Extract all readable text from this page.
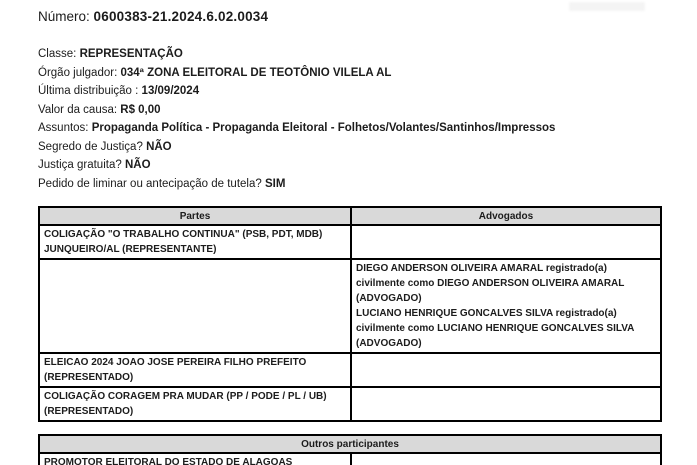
Número: 0600383-21.2024.6.02.0034
Classe: REPRESENTAÇÃO
Órgão julgador: 034ª ZONA ELEITORAL DE TEOTÔNIO VILELA AL
Última distribuição : 13/09/2024
Valor da causa: R$ 0,00
Assuntos: Propaganda Política - Propaganda Eleitoral - Folhetos/Volantes/Santinhos/Impressos
Segredo de Justiça? NÃO
Justiça gratuita? NÃO
Pedido de liminar ou antecipação de tutela? SIM
Partes	Advogados
COLIGAÇÃO "O TRABALHO CONTINUA" (PSB, PDT, MDB) JUNQUEIRO/AL (REPRESENTANTE)	

	DIEGO ANDERSON OLIVEIRA AMARAL registrado(a) civilmente como DIEGO ANDERSON OLIVEIRA AMARAL (ADVOGADO)
LUCIANO HENRIQUE GONCALVES SILVA registrado(a) civilmente como LUCIANO HENRIQUE GONCALVES SILVA (ADVOGADO)

ELEICAO 2024 JOAO JOSE PEREIRA FILHO PREFEITO (REPRESENTADO)	
COLIGAÇÃO CORAGEM PRA MUDAR (PP / PODE / PL / UB) (REPRESENTADO)	
Outros participantes
PROMOTOR ELEITORAL DO ESTADO DE ALAGOAS	
